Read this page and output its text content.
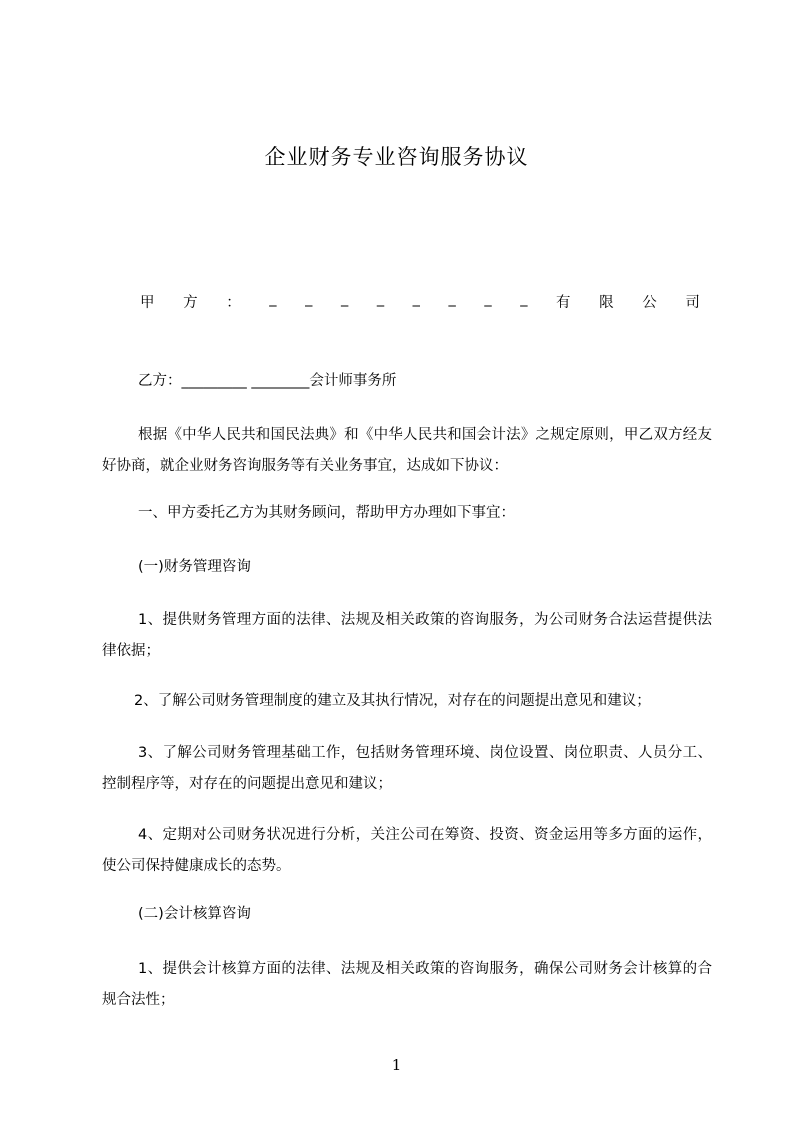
企业财务专业咨询服务协议
甲 方 ： _ _ _ _ _ _ _ _ 有 限 公 司
乙方：_________ ________会计师事务所
根据《中华人民共和国民法典》和《中华人民共和国会计法》之规定原则，甲乙双方经友好协商，就企业财务咨询服务等有关业务事宜，达成如下协议：
一、甲方委托乙方为其财务顾问，帮助甲方办理如下事宜：
(一)财务管理咨询
1、提供财务管理方面的法律、法规及相关政策的咨询服务，为公司财务合法运营提供法律依据；
2、了解公司财务管理制度的建立及其执行情况，对存在的问题提出意见和建议；
3、了解公司财务管理基础工作，包括财务管理环境、岗位设置、岗位职责、人员分工、控制程序等，对存在的问题提出意见和建议；
4、定期对公司财务状况进行分析，关注公司在筹资、投资、资金运用等多方面的运作，使公司保持健康成长的态势。
(二)会计核算咨询
1、提供会计核算方面的法律、法规及相关政策的咨询服务，确保公司财务会计核算的合规合法性；
1
